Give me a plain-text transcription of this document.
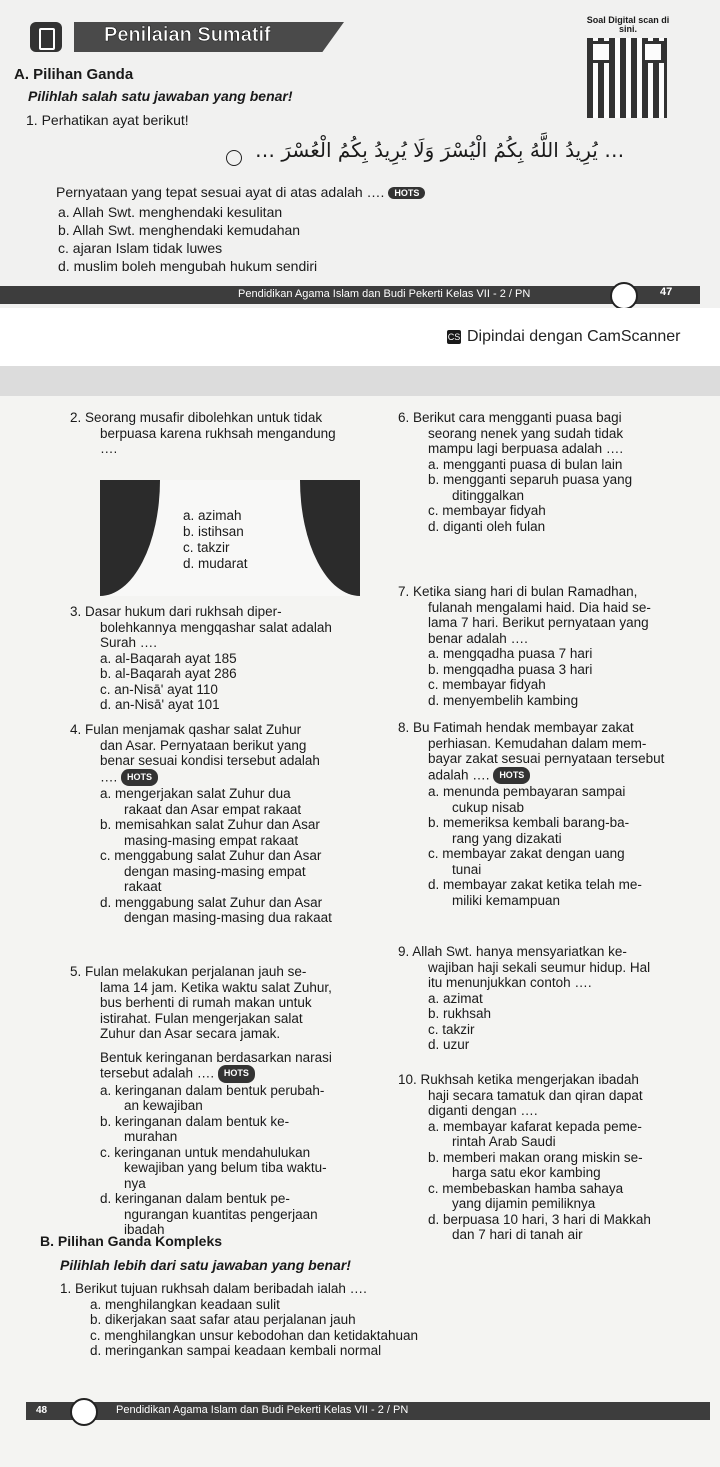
Penilaian Sumatif
Soal Digital scan di sini.
A. Pilihan Ganda
Pilihlah salah satu jawaban yang benar!
1. Perhatikan ayat berikut!
… يُرِيدُ اللَّهُ بِكُمُ الْيُسْرَ وَلَا يُرِيدُ بِكُمُ الْعُسْرَ …
Pernyataan yang tepat sesuai ayat di atas adalah …. HOTS
a. Allah Swt. menghendaki kesulitan
b. Allah Swt. menghendaki kemudahan
c. ajaran Islam tidak luwes
d. muslim boleh mengubah hukum sendiri
Pendidikan Agama Islam dan Budi Pekerti Kelas VII - 2 / PN	47
CS Dipindai dengan CamScanner
2. Seorang musafir dibolehkan untuk tidak
berpuasa karena rukhsah mengandung
….
a. azimah
b. istihsan
c. takzir
d. mudarat
3. Dasar hukum dari rukhsah diper-
bolehkannya mengqashar salat adalah
Surah ….
a. al-Baqarah ayat 185
b. al-Baqarah ayat 286
c. an-Nisā' ayat 110
d. an-Nisā' ayat 101
4. Fulan menjamak qashar salat Zuhur
dan Asar. Pernyataan berikut yang
benar sesuai kondisi tersebut adalah
…. HOTS
a. mengerjakan salat Zuhur dua
rakaat dan Asar empat rakaat
b. memisahkan salat Zuhur dan Asar
masing-masing empat rakaat
c. menggabung salat Zuhur dan Asar
dengan masing-masing empat
rakaat
d. menggabung salat Zuhur dan Asar
dengan masing-masing dua rakaat
5. Fulan melakukan perjalanan jauh se-
lama 14 jam. Ketika waktu salat Zuhur,
bus berhenti di rumah makan untuk
istirahat. Fulan mengerjakan salat
Zuhur dan Asar secara jamak.
Bentuk keringanan berdasarkan narasi
tersebut adalah …. HOTS
a. keringanan dalam bentuk perubah-
an kewajiban
b. keringanan dalam bentuk ke-
murahan
c. keringanan untuk mendahulukan
kewajiban yang belum tiba waktu-
nya
d. keringanan dalam bentuk pe-
ngurangan kuantitas pengerjaan
ibadah
6. Berikut cara mengganti puasa bagi
seorang nenek yang sudah tidak
mampu lagi berpuasa adalah ….
a. mengganti puasa di bulan lain
b. mengganti separuh puasa yang
ditinggalkan
c. membayar fidyah
d. diganti oleh fulan
7. Ketika siang hari di bulan Ramadhan,
fulanah mengalami haid. Dia haid se-
lama 7 hari. Berikut pernyataan yang
benar adalah ….
a. mengqadha puasa 7 hari
b. mengqadha puasa 3 hari
c. membayar fidyah
d. menyembelih kambing
8. Bu Fatimah hendak membayar zakat
perhiasan. Kemudahan dalam mem-
bayar zakat sesuai pernyataan tersebut
adalah …. HOTS
a. menunda pembayaran sampai
cukup nisab
b. memeriksa kembali barang-ba-
rang yang dizakati
c. membayar zakat dengan uang
tunai
d. membayar zakat ketika telah me-
miliki kemampuan
9. Allah Swt. hanya mensyariatkan ke-
wajiban haji sekali seumur hidup. Hal
itu menunjukkan contoh ….
a. azimat
b. rukhsah
c. takzir
d. uzur
10. Rukhsah ketika mengerjakan ibadah
haji secara tamatuk dan qiran dapat
diganti dengan ….
a. membayar kafarat kepada peme-
rintah Arab Saudi
b. memberi makan orang miskin se-
harga satu ekor kambing
c. membebaskan hamba sahaya
yang dijamin pemiliknya
d. berpuasa 10 hari, 3 hari di Makkah
dan 7 hari di tanah air
B. Pilihan Ganda Kompleks
Pilihlah lebih dari satu jawaban yang benar!
1. Berikut tujuan rukhsah dalam beribadah ialah ….
a. menghilangkan keadaan sulit
b. dikerjakan saat safar atau perjalanan jauh
c. menghilangkan unsur kebodohan dan ketidaktahuan
d. meringankan sampai keadaan kembali normal
48	Pendidikan Agama Islam dan Budi Pekerti Kelas VII - 2 / PN
